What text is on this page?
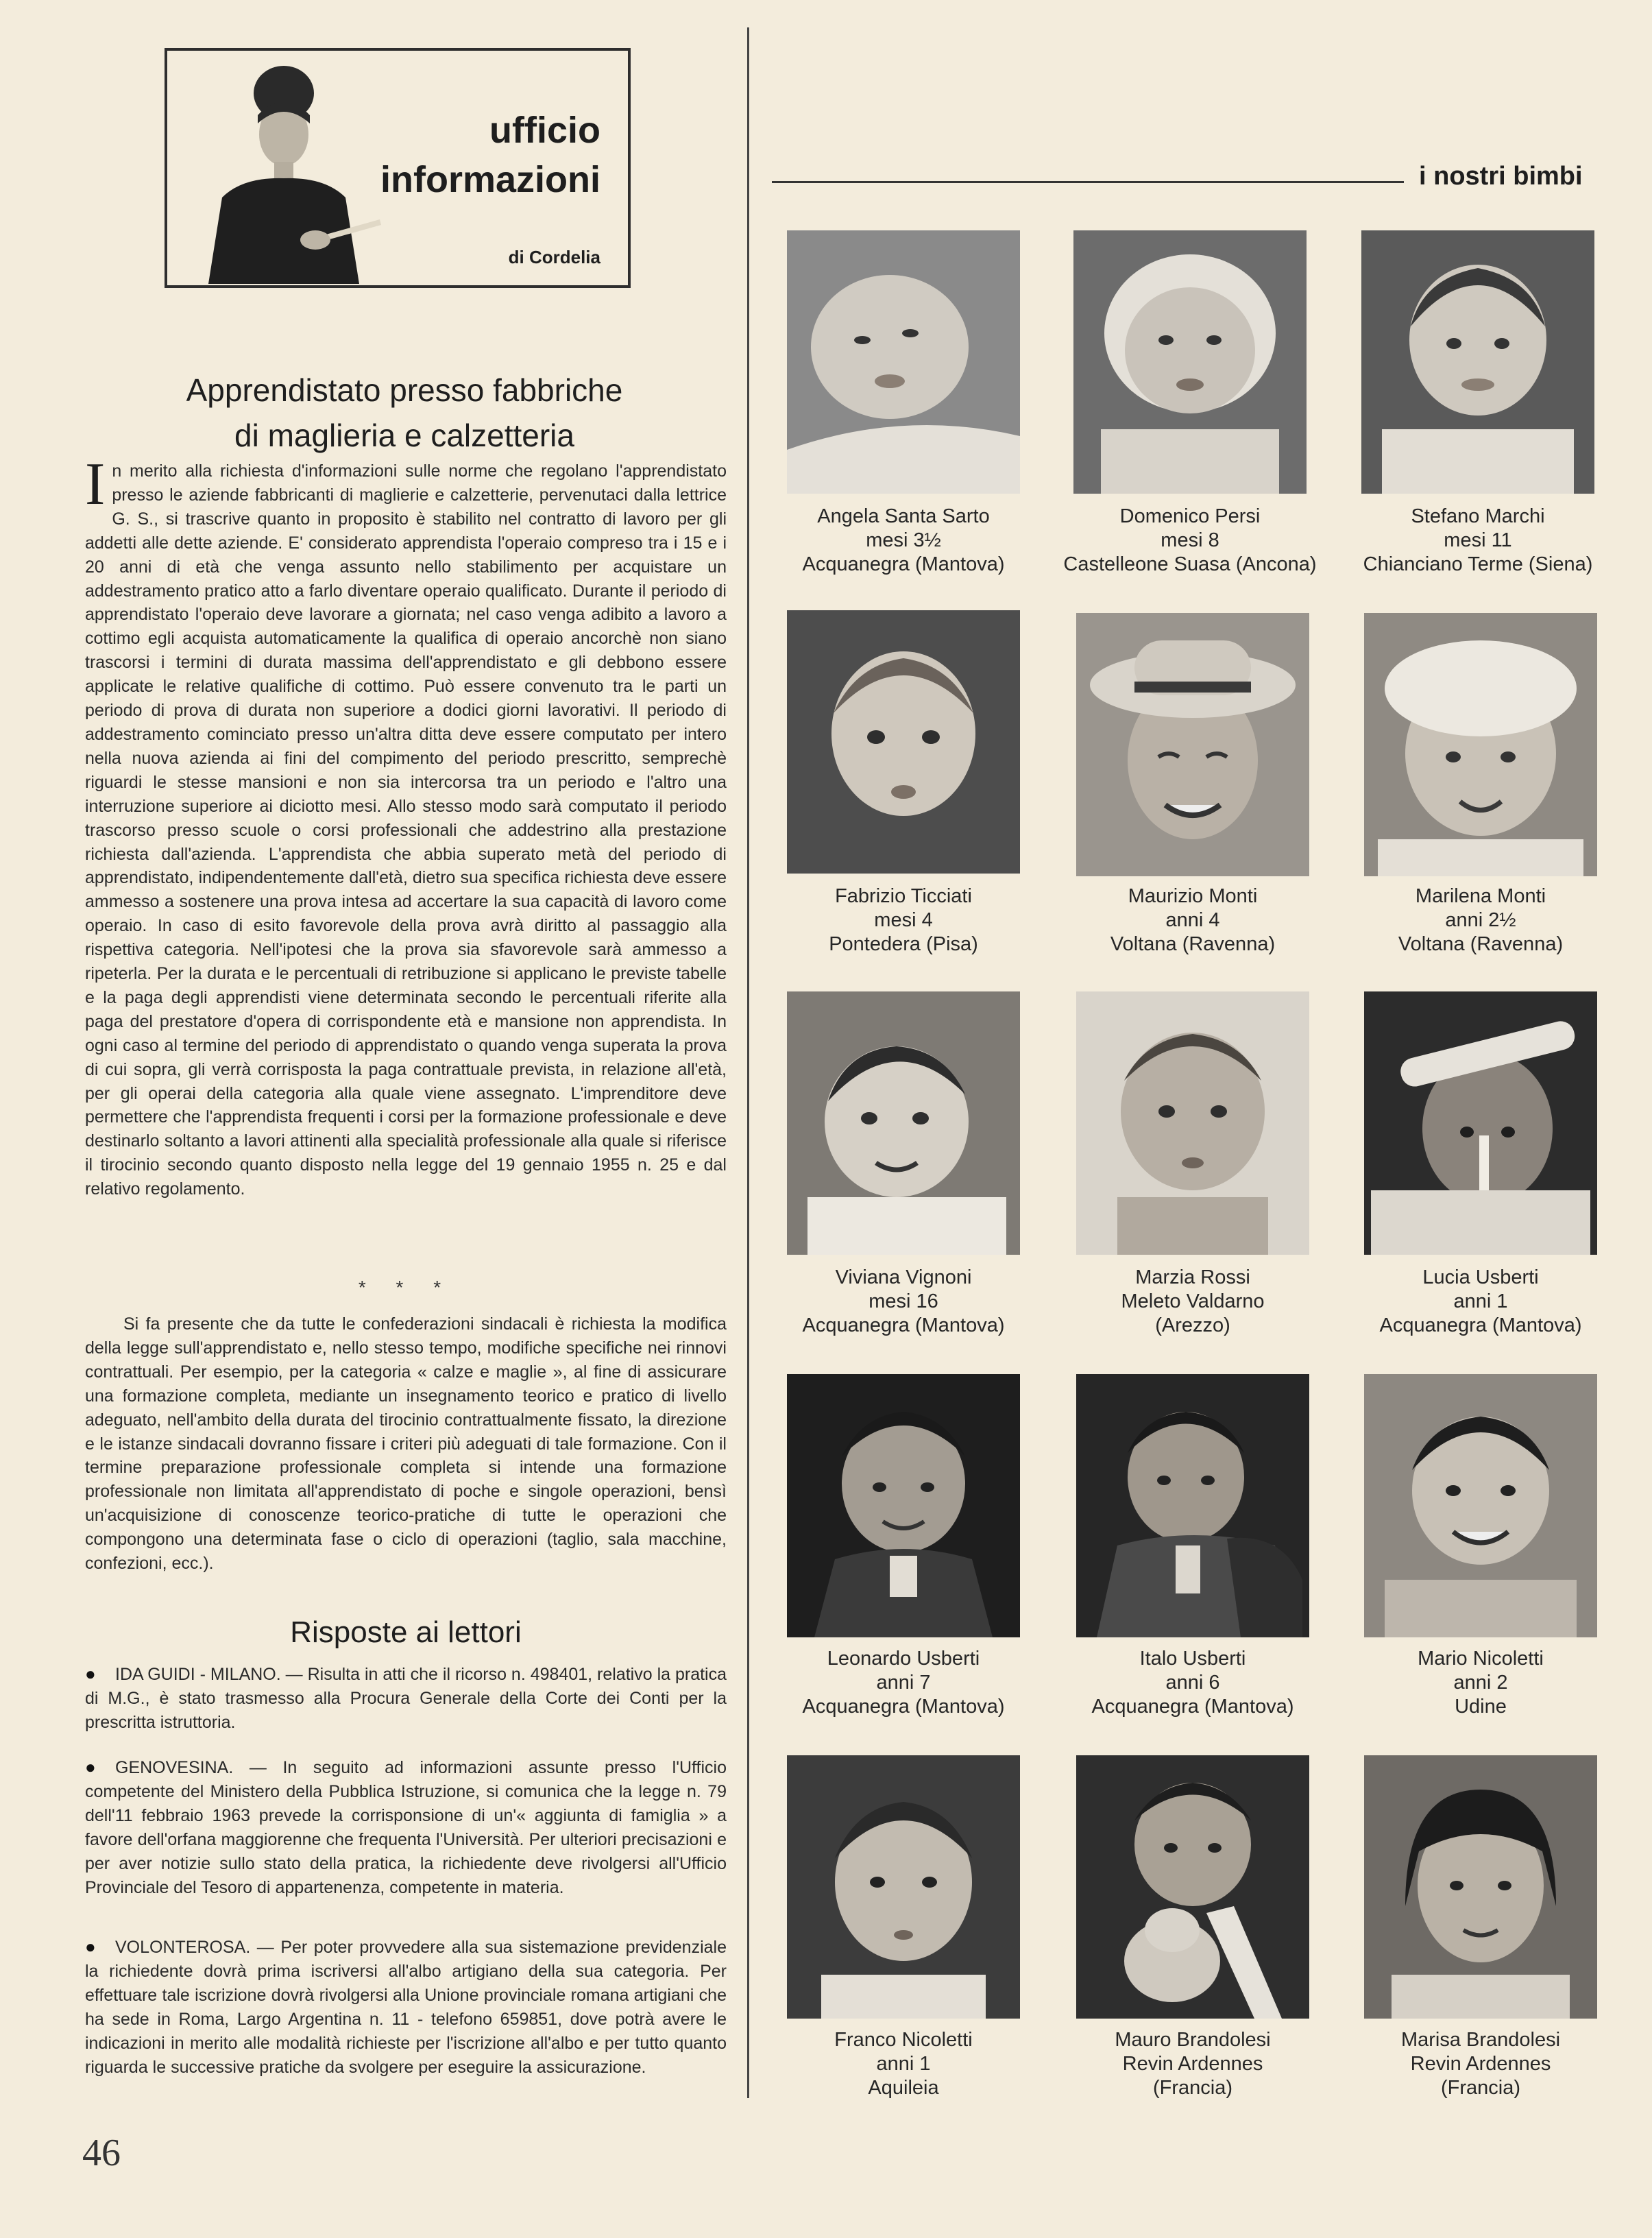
ufficio
informazioni
di Cordelia
Apprendistato presso fabbriche
di maglieria e calzetteria

In merito alla richiesta d'informazioni sulle norme che regolano l'apprendistato presso le aziende fabbricanti di maglierie e calzetterie, pervenutaci dalla lettrice G. S., si trascrive quanto in proposito è stabilito nel contratto di lavoro per gli addetti alle dette aziende. E' considerato apprendista l'operaio compreso tra i 15 e i 20 anni di età che venga assunto nello stabilimento per acquistare un addestramento pratico atto a farlo diventare operaio qualificato. Durante il periodo di apprendistato l'operaio deve lavorare a giornata; nel caso venga adibito a lavoro a cottimo egli acquista automaticamente la qualifica di operaio ancorchè non siano trascorsi i termini di durata massima dell'apprendistato e gli debbono essere applicate le relative qualifiche di cottimo. Può essere convenuto tra le parti un periodo di prova di durata non superiore a dodici giorni lavorativi. Il periodo di addestramento cominciato presso un'altra ditta deve essere computato per intero nella nuova azienda ai fini del compimento del periodo prescritto, semprechè riguardi le stesse mansioni e non sia intercorsa tra un periodo e l'altro una interruzione superiore ai diciotto mesi. Allo stesso modo sarà computato il periodo trascorso presso scuole o corsi professionali che addestrino alla prestazione richiesta dall'azienda. L'apprendista che abbia superato metà del periodo di apprendistato, indipendentemente dall'età, dietro sua specifica richiesta deve essere ammesso a sostenere una prova intesa ad accertare la sua capacità di lavoro come operaio. In caso di esito favorevole della prova avrà diritto al passaggio alla rispettiva categoria. Nell'ipotesi che la prova sia sfavorevole sarà ammesso a ripeterla. Per la durata e le percentuali di retribuzione si applicano le previste tabelle e la paga degli apprendisti viene determinata secondo le percentuali riferite alla paga del prestatore d'opera di corrispondente età e mansione non apprendista. In ogni caso al termine del periodo di apprendistato o quando venga superata la prova di cui sopra, gli verrà corrisposta la paga contrattuale prevista, in relazione all'età, per gli operai della categoria alla quale viene assegnato. L'imprenditore deve permettere che l'apprendista frequenti i corsi per la formazione professionale e deve destinarlo soltanto a lavori attinenti alla specialità professionale alla quale si riferisce il tirocinio secondo quanto disposto nella legge del 19 gennaio 1955 n. 25 e dal relativo regolamento.

* * *

Si fa presente che da tutte le confederazioni sindacali è richiesta la modifica della legge sull'apprendistato e, nello stesso tempo, modifiche specifiche nei rinnovi contrattuali. Per esempio, per la categoria « calze e maglie », al fine di assicurare una formazione completa, mediante un insegnamento teorico e pratico di livello adeguato, nell'ambito della durata del tirocinio contrattualmente fissato, la direzione e le istanze sindacali dovranno fissare i criteri più adeguati di tale formazione. Con il termine preparazione professionale completa si intende una formazione professionale non limitata all'apprendistato di poche e singole operazioni, bensì un'acquisizione di conoscenze teorico-pratiche di tutte le operazioni che compongono una determinata fase o ciclo di operazioni (taglio, sala macchine, confezioni, ecc.).

Risposte ai lettori
● IDA GUIDI - MILANO. — Risulta in atti che il ricorso n. 498401, relativo la pratica di M.G., è stato trasmesso alla Procura Generale della Corte dei Conti per la prescritta istruttoria.
● GENOVESINA. — In seguito ad informazioni assunte presso l'Ufficio competente del Ministero della Pubblica Istruzione, si comunica che la legge n. 79 dell'11 febbraio 1963 prevede la corrisponsione di un'« aggiunta di famiglia » a favore dell'orfana maggiorenne che frequenta l'Università. Per ulteriori precisazioni e per aver notizie sullo stato della pratica, la richiedente deve rivolgersi all'Ufficio Provinciale del Tesoro di appartenenza, competente in materia.
● VOLONTEROSA. — Per poter provvedere alla sua sistemazione previdenziale la richiedente dovrà prima iscriversi all'albo artigiano della sua categoria. Per effettuare tale iscrizione dovrà rivolgersi alla Unione provinciale romana artigiani che ha sede in Roma, Largo Argentina n. 11 - telefono 659851, dove potrà avere le indicazioni in merito alle modalità richieste per l'iscrizione all'albo e per tutto quanto riguarda le successive pratiche da svolgere per eseguire la assicurazione.
46
i nostri bimbi
Angela Santa Sarto
mesi 3½
Acquanegra (Mantova)
Domenico Persi
mesi 8
Castelleone Suasa (Ancona)
Stefano Marchi
mesi 11
Chianciano Terme (Siena)
Fabrizio Ticciati
mesi 4
Pontedera (Pisa)
Maurizio Monti
anni 4
Voltana (Ravenna)
Marilena Monti
anni 2½
Voltana (Ravenna)
Viviana Vignoni
mesi 16
Acquanegra (Mantova)
Marzia Rossi
Meleto Valdarno
(Arezzo)
Lucia Usberti
anni 1
Acquanegra (Mantova)
Leonardo Usberti
anni 7
Acquanegra (Mantova)
Italo Usberti
anni 6
Acquanegra (Mantova)
Mario Nicoletti
anni 2
Udine
Franco Nicoletti
anni 1
Aquileia
Mauro Brandolesi
Revin Ardennes
(Francia)
Marisa Brandolesi
Revin Ardennes
(Francia)
